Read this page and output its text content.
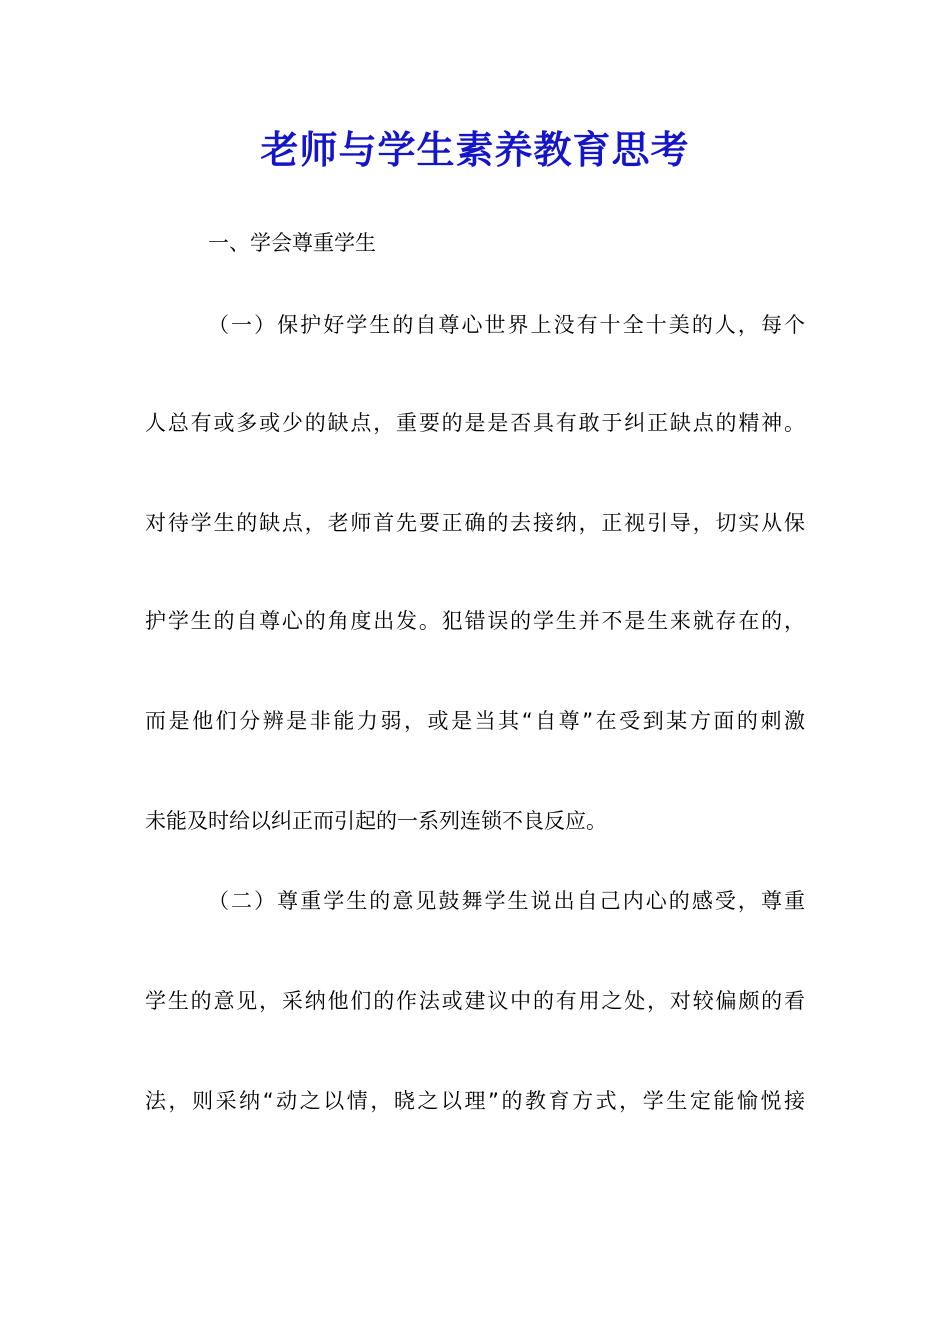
老师与学生素养教育思考
一、学会尊重学生
（一）保护好学生的自尊心世界上没有十全十美的人，每个
人总有或多或少的缺点，重要的是是否具有敢于纠正缺点的精神。
对待学生的缺点，老师首先要正确的去接纳，正视引导，切实从保
护学生的自尊心的角度出发。犯错误的学生并不是生来就存在的，
而是他们分辨是非能力弱，或是当其“自尊”在受到某方面的刺激
未能及时给以纠正而引起的一系列连锁不良反应。
（二）尊重学生的意见鼓舞学生说出自己内心的感受，尊重
学生的意见，采纳他们的作法或建议中的有用之处，对较偏颇的看
法，则采纳“动之以情，晓之以理”的教育方式，学生定能愉悦接
